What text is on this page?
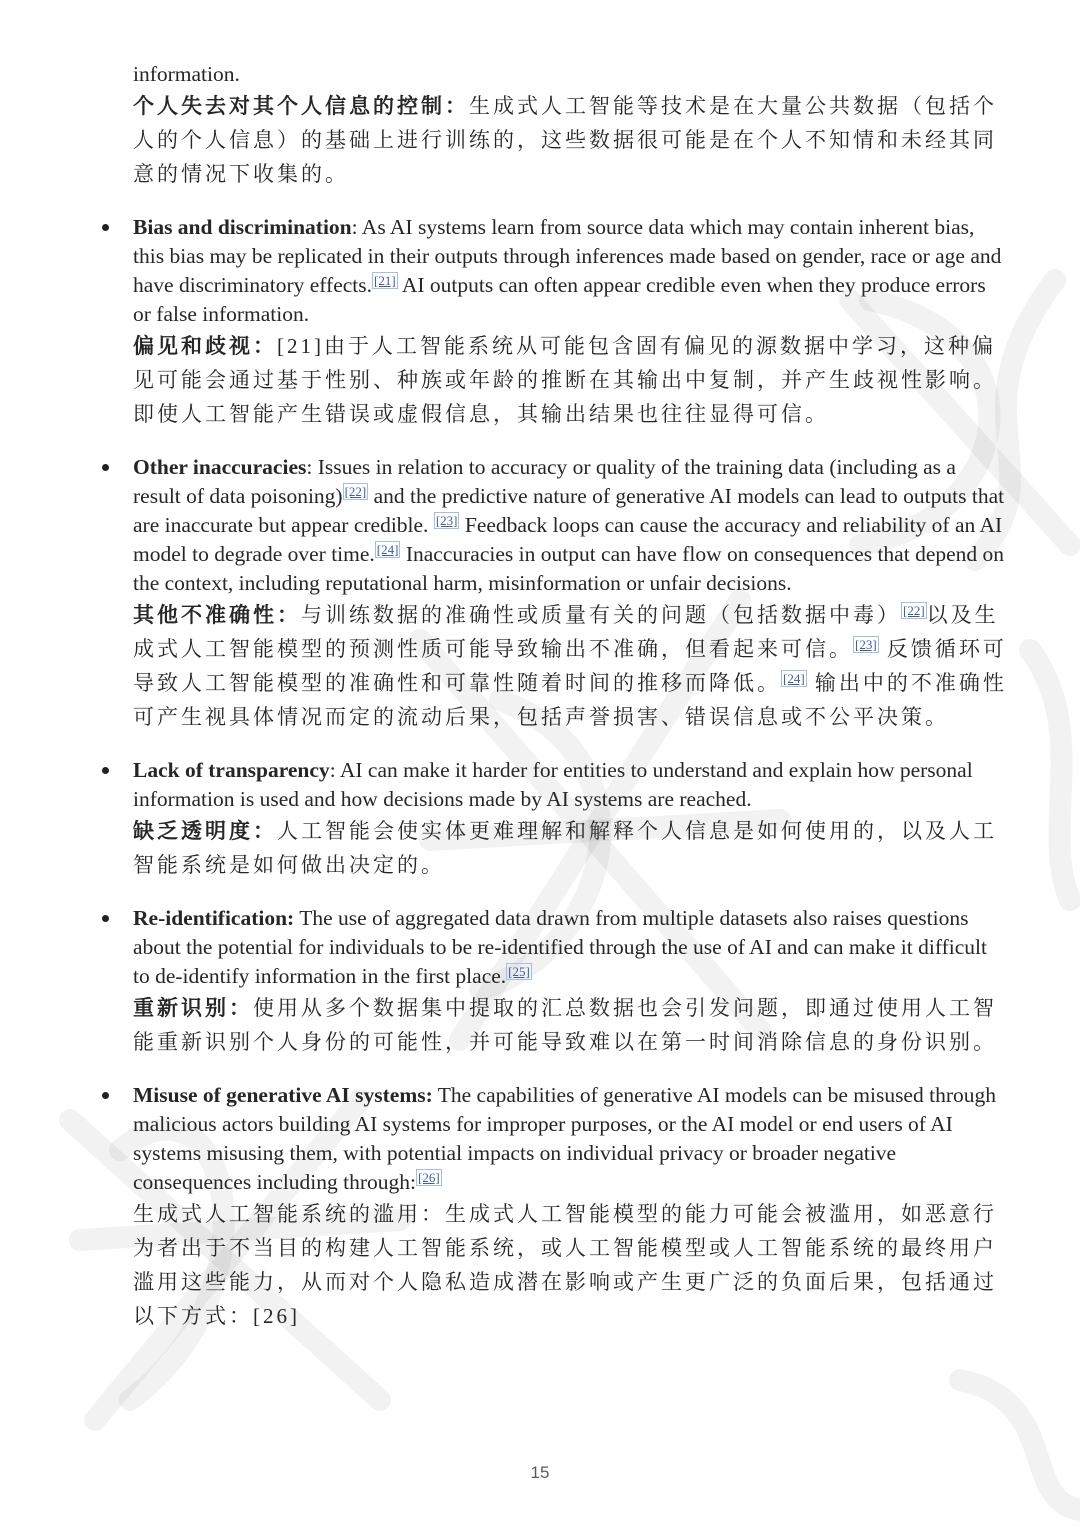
information.
个人失去对其个人信息的控制：生成式人工智能等技术是在大量公共数据（包括个人的个人信息）的基础上进行训练的，这些数据很可能是在个人不知情和未经其同意的情况下收集的。

Bias and discrimination: As AI systems learn from source data which may contain inherent bias, this bias may be replicated in their outputs through inferences made based on gender, race or age and have discriminatory effects. [21] AI outputs can often appear credible even when they produce errors or false information.
偏见和歧视：[21]由于人工智能系统从可能包含固有偏见的源数据中学习，这种偏见可能会通过基于性别、种族或年龄的推断在其输出中复制，并产生歧视性影响。即使人工智能产生错误或虚假信息，其输出结果也往往显得可信。

Other inaccuracies: Issues in relation to accuracy or quality of the training data (including as a result of data poisoning) [22] and the predictive nature of generative AI models can lead to outputs that are inaccurate but appear credible. [23] Feedback loops can cause the accuracy and reliability of an AI model to degrade over time. [24] Inaccuracies in output can have flow on consequences that depend on the context, including reputational harm, misinformation or unfair decisions.
其他不准确性：与训练数据的准确性或质量有关的问题（包括数据中毒） [22]以及生成式人工智能模型的预测性质可能导致输出不准确，但看起来可信。 [23] 反馈循环可导致人工智能模型的准确性和可靠性随着时间的推移而降低。 [24] 输出中的不准确性可产生视具体情况而定的流动后果，包括声誉损害、错误信息或不公平决策。

Lack of transparency: AI can make it harder for entities to understand and explain how personal information is used and how decisions made by AI systems are reached.
缺乏透明度：人工智能会使实体更难理解和解释个人信息是如何使用的，以及人工智能系统是如何做出决定的。

Re-identification: The use of aggregated data drawn from multiple datasets also raises questions about the potential for individuals to be re-identified through the use of AI and can make it difficult to de-identify information in the first place. [25]
重新识别：使用从多个数据集中提取的汇总数据也会引发问题，即通过使用人工智能重新识别个人身份的可能性，并可能导致难以在第一时间消除信息的身份识别。

Misuse of generative AI systems: The capabilities of generative AI models can be misused through malicious actors building AI systems for improper purposes, or the AI model or end users of AI systems misusing them, with potential impacts on individual privacy or broader negative consequences including through: [26]
生成式人工智能系统的滥用：生成式人工智能模型的能力可能会被滥用，如恶意行为者出于不当目的构建人工智能系统，或人工智能模型或人工智能系统的最终用户滥用这些能力，从而对个人隐私造成潜在影响或产生更广泛的负面后果，包括通过以下方式：[26]

15
